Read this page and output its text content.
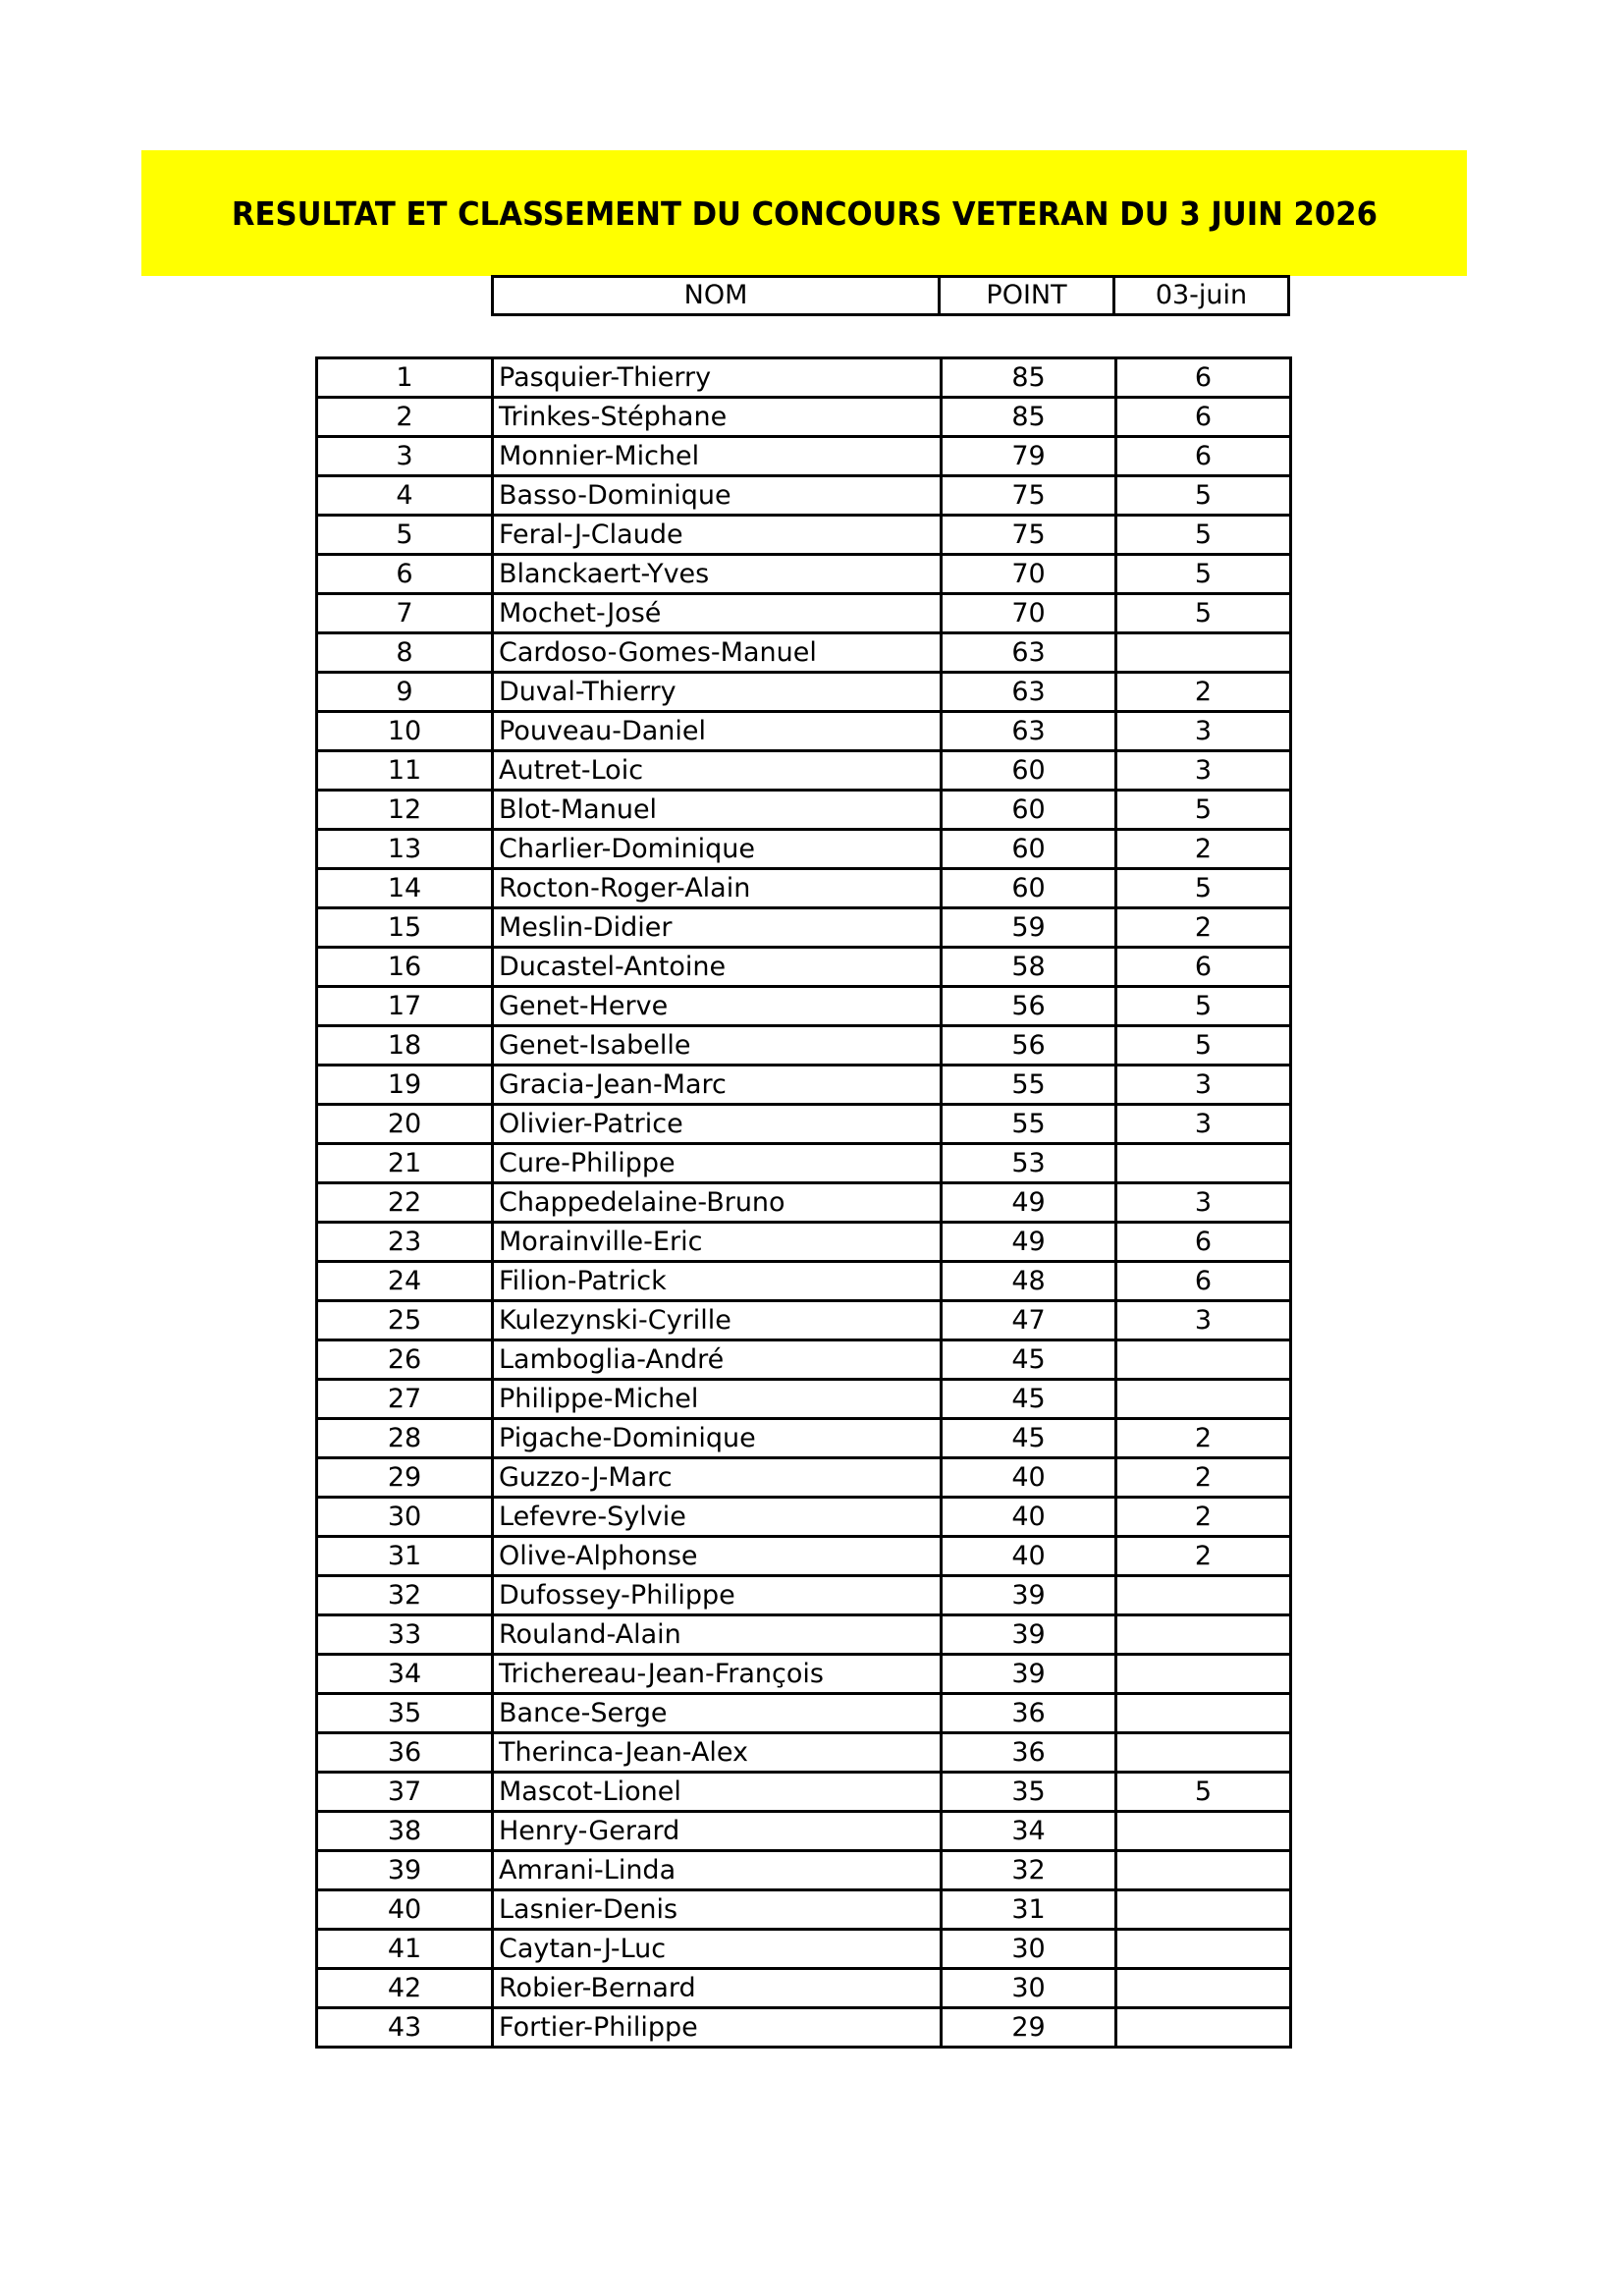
RESULTAT ET CLASSEMENT DU CONCOURS VETERAN DU 3 JUIN 2026
NOM	POINT	03-juin
1	Pasquier-Thierry	85	6
2	Trinkes-Stéphane	85	6
3	Monnier-Michel	79	6
4	Basso-Dominique	75	5
5	Feral-J-Claude	75	5
6	Blanckaert-Yves	70	5
7	Mochet-José	70	5
8	Cardoso-Gomes-Manuel	63	
9	Duval-Thierry	63	2
10	Pouveau-Daniel	63	3
11	Autret-Loic	60	3
12	Blot-Manuel	60	5
13	Charlier-Dominique	60	2
14	Rocton-Roger-Alain	60	5
15	Meslin-Didier	59	2
16	Ducastel-Antoine	58	6
17	Genet-Herve	56	5
18	Genet-Isabelle	56	5
19	Gracia-Jean-Marc	55	3
20	Olivier-Patrice	55	3
21	Cure-Philippe	53	
22	Chappedelaine-Bruno	49	3
23	Morainville-Eric	49	6
24	Filion-Patrick	48	6
25	Kulezynski-Cyrille	47	3
26	Lamboglia-André	45	
27	Philippe-Michel	45	
28	Pigache-Dominique	45	2
29	Guzzo-J-Marc	40	2
30	Lefevre-Sylvie	40	2
31	Olive-Alphonse	40	2
32	Dufossey-Philippe	39	
33	Rouland-Alain	39	
34	Trichereau-Jean-François	39	
35	Bance-Serge	36	
36	Therinca-Jean-Alex	36	
37	Mascot-Lionel	35	5
38	Henry-Gerard	34	
39	Amrani-Linda	32	
40	Lasnier-Denis	31	
41	Caytan-J-Luc	30	
42	Robier-Bernard	30	
43	Fortier-Philippe	29	
